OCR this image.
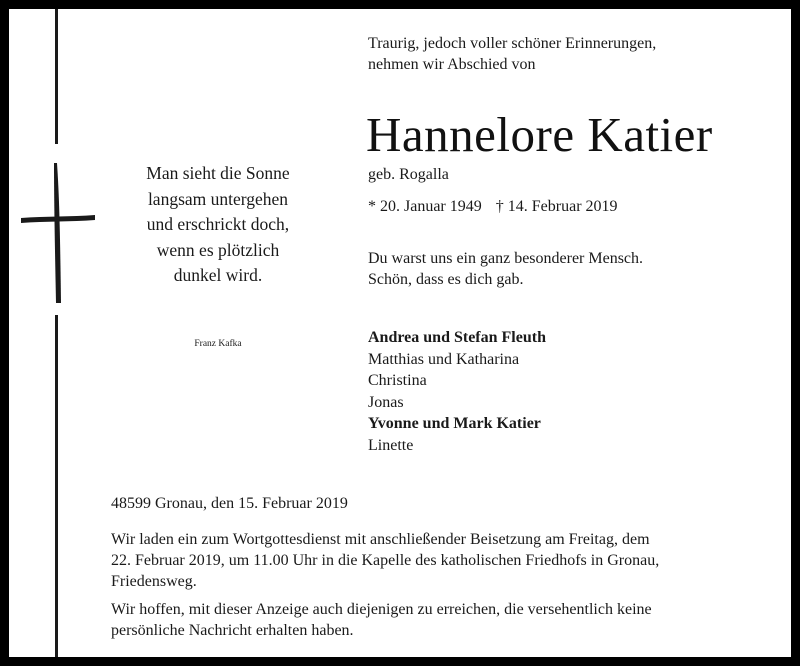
Man sieht die Sonne
langsam untergehen
und erschrickt doch,
wenn es plötzlich
dunkel wird.
Franz Kafka
Traurig, jedoch voller schöner Erinnerungen,
nehmen wir Abschied von
Hannelore Katier
geb. Rogalla
* 20. Januar 1949 † 14. Februar 2019
Du warst uns ein ganz besonderer Mensch.
Schön, dass es dich gab.
Andrea und Stefan Fleuth
Matthias und Katharina
Christina
Jonas
Yvonne und Mark Katier
Linette
48599 Gronau, den 15. Februar 2019
Wir laden ein zum Wortgottesdienst mit anschließender Beisetzung am Freitag, dem
22. Februar 2019, um 11.00 Uhr in die Kapelle des katholischen Friedhofs in Gronau,
Friedensweg.
Wir hoffen, mit dieser Anzeige auch diejenigen zu erreichen, die versehentlich keine
persönliche Nachricht erhalten haben.
